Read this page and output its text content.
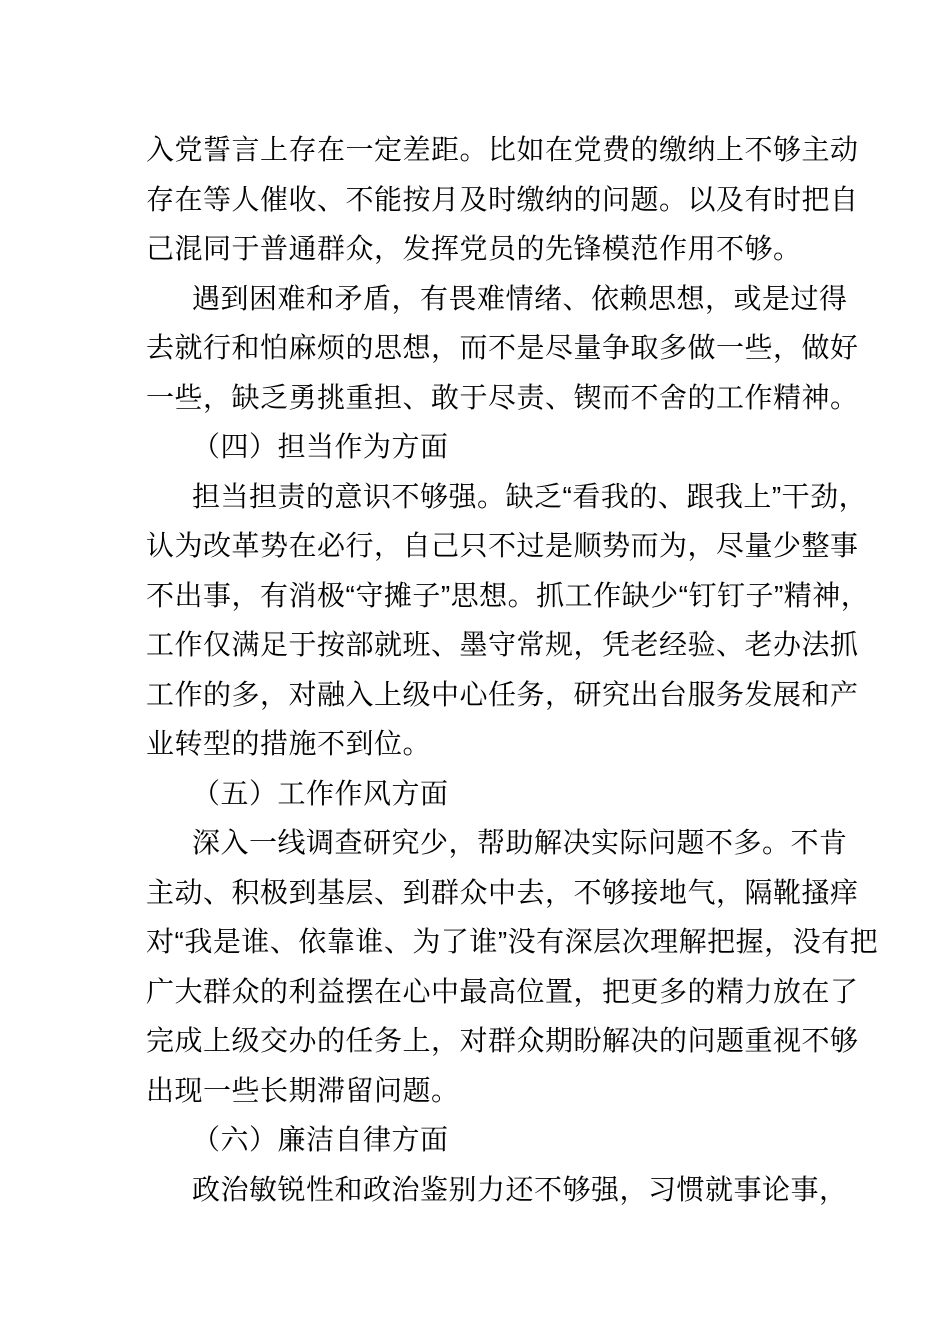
入党誓言上存在一定差距。比如在党费的缴纳上不够主动
存在等人催收、不能按月及时缴纳的问题。以及有时把自
己混同于普通群众，发挥党员的先锋模范作用不够。
遇到困难和矛盾，有畏难情绪、依赖思想，或是过得
去就行和怕麻烦的思想，而不是尽量争取多做一些，做好
一些，缺乏勇挑重担、敢于尽责、锲而不舍的工作精神。
（四）担当作为方面
担当担责的意识不够强。缺乏“看我的、跟我上”干劲，
认为改革势在必行，自己只不过是顺势而为，尽量少整事
不出事，有消极“守摊子”思想。抓工作缺少“钉钉子”精神，
工作仅满足于按部就班、墨守常规，凭老经验、老办法抓
工作的多，对融入上级中心任务，研究出台服务发展和产
业转型的措施不到位。
（五）工作作风方面
深入一线调查研究少，帮助解决实际问题不多。不肯
主动、积极到基层、到群众中去，不够接地气，隔靴搔痒
对“我是谁、依靠谁、为了谁”没有深层次理解把握，没有把
广大群众的利益摆在心中最高位置，把更多的精力放在了
完成上级交办的任务上，对群众期盼解决的问题重视不够
出现一些长期滞留问题。
（六）廉洁自律方面
政治敏锐性和政治鉴别力还不够强，习惯就事论事，
